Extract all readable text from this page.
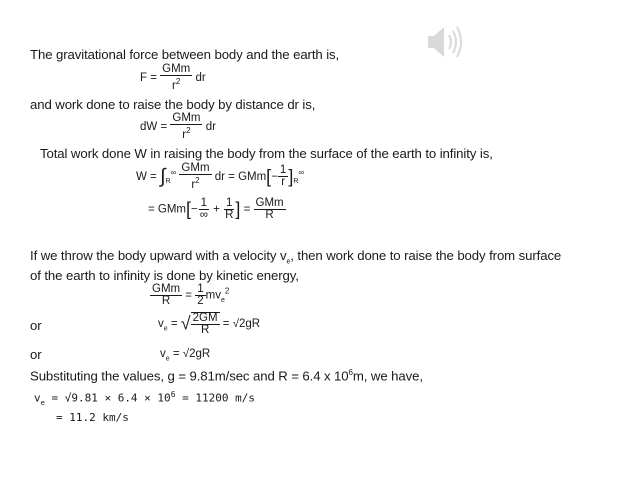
The gravitational force between body and the earth is,
$F = \frac{\text{GMm}}{r^2}$ dr
and work done to raise the body by distance dr is,
dW = $\frac{\text{GMm}}{r^2}$ dr
Total work done W in raising the body from the surface of the earth to infinity is,
$W = \int_R^\infty \frac{\text{GMm}}{r^2}$ dr = $GMm[- \frac{1}{r} ]_R^\infty$
= $GMm[- \frac{1}{\infty} + \frac{1}{R}$ ] = $\frac{\text{GMm}}{R}$
If we throw the body upward with a velocity $v_e$, then work done to raise the body from surface
of the earth to infinity is done by kinetic energy,
$\frac{\text{GMm}}{R} = \frac{1}{2} mv_e^2$
or	$v_e$ = √ $\frac{2GM}{R} = √2gR$
or	$v_e = √2gR$
Substituting the values, g = 9.81m/sec and R = 6.4 x $10^6m$, we have,
$v_e = √9.81 \times 6.4 \times 10^6 = 11200$ m/s
= 11.2 km/s
